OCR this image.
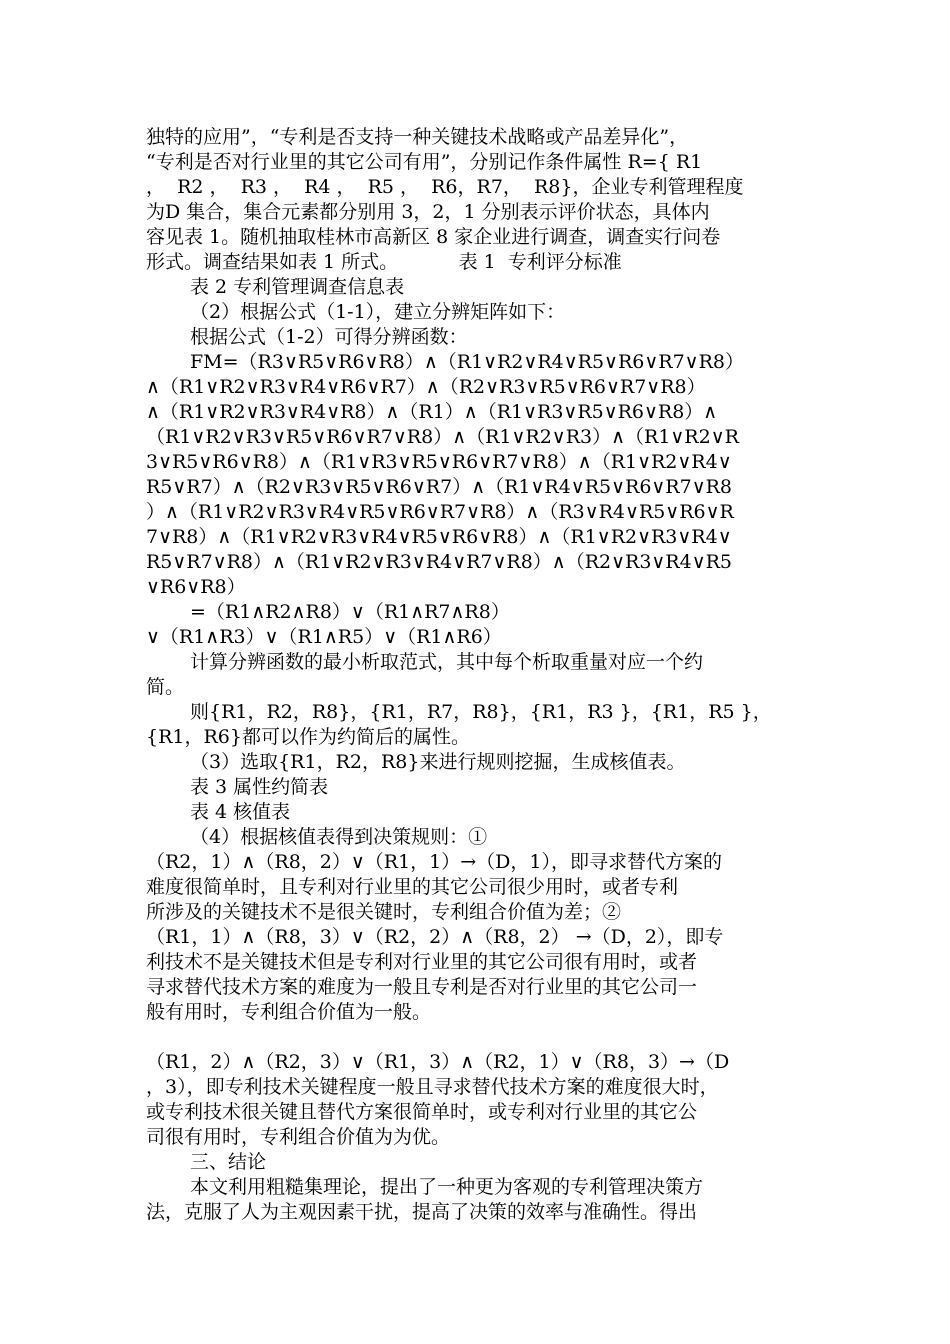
独特的应用”，“专利是否支持一种关键技术战略或产品差异化”，

“专利是否对行业里的其它公司有用”，分别记作条件属性 R={ R1

，  R2 ，  R3 ，  R4 ，  R5 ，  R6，R7，  R8}，企业专利管理程度

为D 集合，集合元素都分别用 3，2，1 分别表示评价状态，具体内

容见表 1。随机抽取桂林市高新区 8 家企业进行调查，调查实行问卷

形式。调查结果如表 1 所式。          表 1  专利评分标准

表 2 专利管理调查信息表

（2）根据公式（1-1），建立分辨矩阵如下：

根据公式（1-2）可得分辨函数：

FM=（R3∨R5∨R6∨R8）∧（R1∨R2∨R4∨R5∨R6∨R7∨R8）

∧（R1∨R2∨R3∨R4∨R6∨R7）∧（R2∨R3∨R5∨R6∨R7∨R8）

∧（R1∨R2∨R3∨R4∨R8）∧（R1）∧（R1∨R3∨R5∨R6∨R8）∧

（R1∨R2∨R3∨R5∨R6∨R7∨R8）∧（R1∨R2∨R3）∧（R1∨R2∨R

3∨R5∨R6∨R8）∧（R1∨R3∨R5∨R6∨R7∨R8）∧（R1∨R2∨R4∨

R5∨R7）∧（R2∨R3∨R5∨R6∨R7）∧（R1∨R4∨R5∨R6∨R7∨R8

）∧（R1∨R2∨R3∨R4∨R5∨R6∨R7∨R8）∧（R3∨R4∨R5∨R6∨R

7∨R8）∧（R1∨R2∨R3∨R4∨R5∨R6∨R8）∧（R1∨R2∨R3∨R4∨

R5∨R7∨R8）∧（R1∨R2∨R3∨R4∨R7∨R8）∧（R2∨R3∨R4∨R5

∨R6∨R8）

=（R1∧R2∧R8）∨（R1∧R7∧R8）

∨（R1∧R3）∨（R1∧R5）∨（R1∧R6）

计算分辨函数的最小析取范式，其中每个析取重量对应一个约

简。

则{R1，R2，R8}，{R1，R7，R8}，{R1，R3 }，{R1，R5 }，

{R1，R6}都可以作为约简后的属性。

（3）选取{R1，R2，R8}来进行规则挖掘，生成核值表。

表 3 属性约简表

表 4 核值表

（4）根据核值表得到决策规则：①

（R2，1）∧（R8，2）∨（R1，1）→（D，1），即寻求替代方案的

难度很简单时，且专利对行业里的其它公司很少用时，或者专利

所涉及的关键技术不是很关键时，专利组合价值为差；②

（R1，1）∧（R8，3）∨（R2，2）∧（R8，2） →（D，2），即专

利技术不是关键技术但是专利对行业里的其它公司很有用时，或者

寻求替代技术方案的难度为一般且专利是否对行业里的其它公司一

般有用时，专利组合价值为一般。

（R1，2）∧（R2，3）∨（R1，3）∧（R2，1）∨（R8，3）→（D

，3），即专利技术关键程度一般且寻求替代技术方案的难度很大时，

或专利技术很关键且替代方案很简单时，或专利对行业里的其它公

司很有用时，专利组合价值为为优。

三、结论

本文利用粗糙集理论，提出了一种更为客观的专利管理决策方

法，克服了人为主观因素干扰，提高了决策的效率与准确性。得出
